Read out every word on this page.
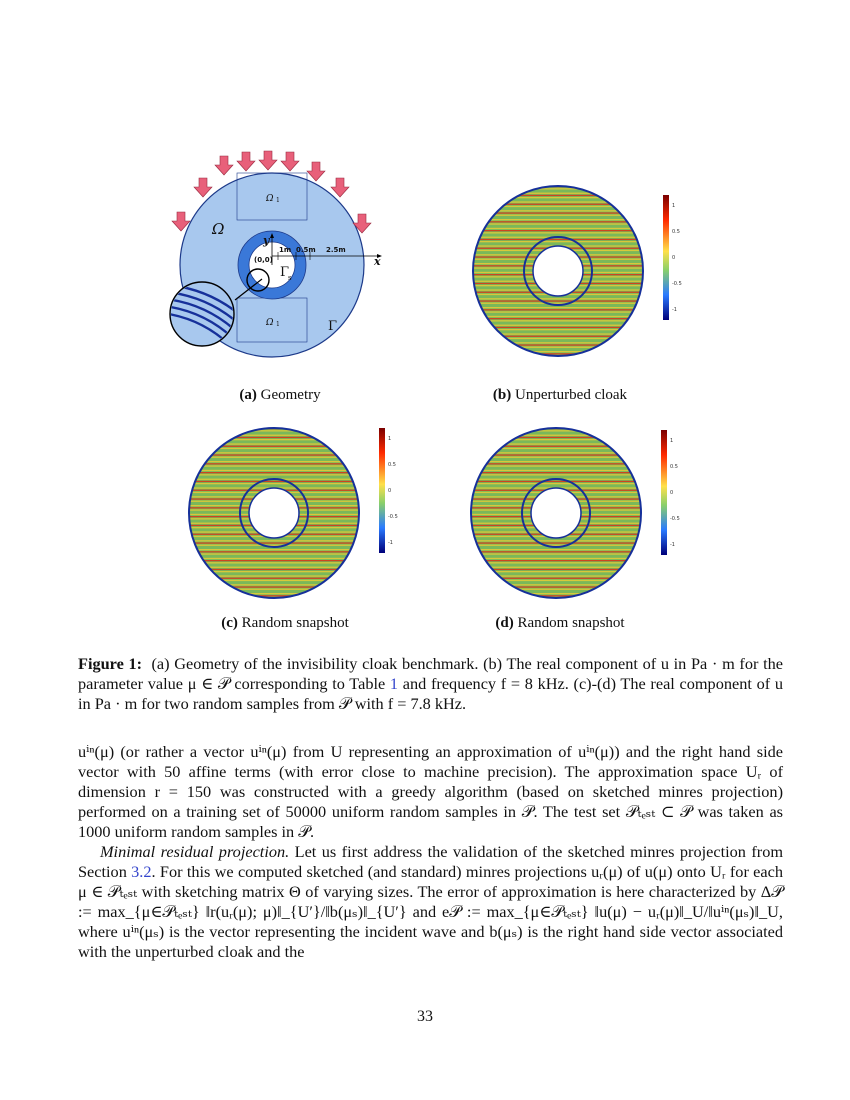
Ω
Ω 1
Ω 1	Γ
Γ
s
y
x
(0,0)
1m 0.5m 2.5m
1
0.5
0
-0.5
-1
1
0.5
0
-0.5
-1
1
0.5
0
-0.5
-1
(a) Geometry	(b) Unperturbed cloak
(c) Random snapshot	(d) Random snapshot
Figure 1: (a) Geometry of the invisibility cloak benchmark. (b) The real component of u in Pa · m for the parameter value μ ∈ 𝒫 corresponding to Table 1 and frequency f = 8 kHz. (c)-(d) The real component of u in Pa · m for two random samples from 𝒫 with f = 7.8 kHz.

uⁱⁿ(μ) (or rather a vector uⁱⁿ(μ) from U representing an approximation of uⁱⁿ(μ)) and the right hand side vector with 50 affine terms (with error close to machine precision). The approximation space Uᵣ of dimension r = 150 was constructed with a greedy algorithm (based on sketched minres projection) performed on a training set of 50000 uniform random samples in 𝒫. The test set 𝒫ₜₑₛₜ ⊂ 𝒫 was taken as 1000 uniform random samples in 𝒫.

Minimal residual projection. Let us first address the validation of the sketched minres projection from Section 3.2. For this we computed sketched (and standard) minres projections uᵣ(μ) of u(μ) onto Uᵣ for each μ ∈ 𝒫ₜₑₛₜ with sketching matrix Θ of varying sizes. The error of approximation is here characterized by Δ𝒫 := max_{μ∈𝒫ₜₑₛₜ} ‖r(uᵣ(μ); μ)‖_{U′}/‖b(μₛ)‖_{U′} and e𝒫 := max_{μ∈𝒫ₜₑₛₜ} ‖u(μ) − uᵣ(μ)‖_U/‖uⁱⁿ(μₛ)‖_U, where uⁱⁿ(μₛ) is the vector representing the incident wave and b(μₛ) is the right hand side vector associated with the unperturbed cloak and the

33
